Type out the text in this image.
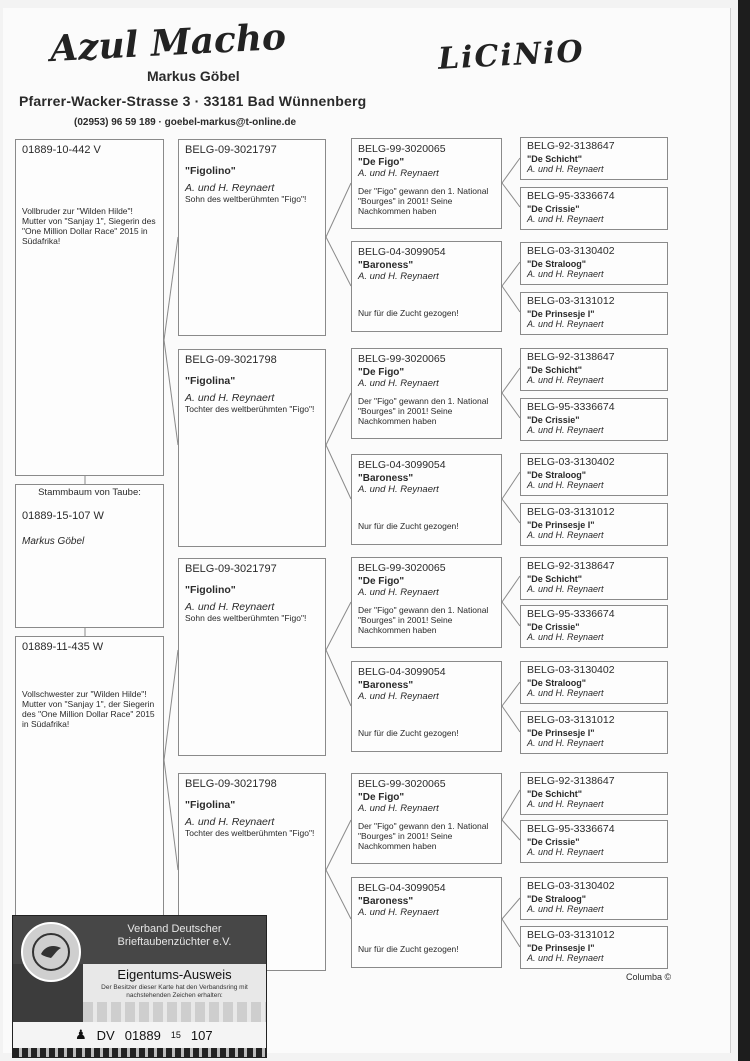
Azul Macho	LiCiNiO
Markus Göbel
Pfarrer-Wacker-Strasse 3 · 33181 Bad Wünnenberg
(02953) 96 59 189 · goebel-markus@t-online.de
01889-10-442 V
Vollbruder zur "Wilden Hilde"! Mutter von "Sanjay 1", Siegerin des "One Million Dollar Race" 2015 in Südafrika!
Stammbaum von Taube:
01889-15-107 W
Markus Göbel
01889-11-435 W
Vollschwester zur "Wilden Hilde"! Mutter von "Sanjay 1", der Siegerin des "One Million Dollar Race" 2015 in Südafrika!
BELG-09-3021797
"Figolino"
A. und H. Reynaert
Sohn des weltberühmten "Figo"!
BELG-09-3021798
"Figolina"
A. und H. Reynaert
Tochter des weltberühmten "Figo"!
BELG-09-3021797
"Figolino"
A. und H. Reynaert
Sohn des weltberühmten "Figo"!
BELG-09-3021798
"Figolina"
A. und H. Reynaert
Tochter des weltberühmten "Figo"!
BELG-99-3020065
"De Figo"
A. und H. Reynaert
Der "Figo" gewann den 1. National "Bourges" in 2001! Seine Nachkommen haben
BELG-04-3099054
"Baroness"
A. und H. Reynaert
Nur für die Zucht gezogen!
BELG-99-3020065
"De Figo"
A. und H. Reynaert
Der "Figo" gewann den 1. National "Bourges" in 2001! Seine Nachkommen haben
BELG-04-3099054
"Baroness"
A. und H. Reynaert
Nur für die Zucht gezogen!
BELG-99-3020065
"De Figo"
A. und H. Reynaert
Der "Figo" gewann den 1. National "Bourges" in 2001! Seine Nachkommen haben
BELG-04-3099054
"Baroness"
A. und H. Reynaert
Nur für die Zucht gezogen!
BELG-99-3020065
"De Figo"
A. und H. Reynaert
Der "Figo" gewann den 1. National "Bourges" in 2001! Seine Nachkommen haben
BELG-04-3099054
"Baroness"
A. und H. Reynaert
Nur für die Zucht gezogen!
BELG-92-3138647
"De Schicht"
A. und H. Reynaert
BELG-95-3336674
"De Crissie"
A. und H. Reynaert
BELG-03-3130402
"De Straloog"
A. und H. Reynaert
BELG-03-3131012
"De Prinsesje I"
A. und H. Reynaert
BELG-92-3138647
"De Schicht"
A. und H. Reynaert
BELG-95-3336674
"De Crissie"
A. und H. Reynaert
BELG-03-3130402
"De Straloog"
A. und H. Reynaert
BELG-03-3131012
"De Prinsesje I"
A. und H. Reynaert
BELG-92-3138647
"De Schicht"
A. und H. Reynaert
BELG-95-3336674
"De Crissie"
A. und H. Reynaert
BELG-03-3130402
"De Straloog"
A. und H. Reynaert
BELG-03-3131012
"De Prinsesje I"
A. und H. Reynaert
BELG-92-3138647
"De Schicht"
A. und H. Reynaert
BELG-95-3336674
"De Crissie"
A. und H. Reynaert
BELG-03-3130402
"De Straloog"
A. und H. Reynaert
BELG-03-3131012
"De Prinsesje I"
A. und H. Reynaert
Columba ©
Verband Deutscher Brieftaubenzüchter e.V.
Eigentums-Ausweis
Der Besitzer dieser Karte hat den Verbandsring mit nachstehenden Zeichen erhalten:
♟ DV 01889 15 107
